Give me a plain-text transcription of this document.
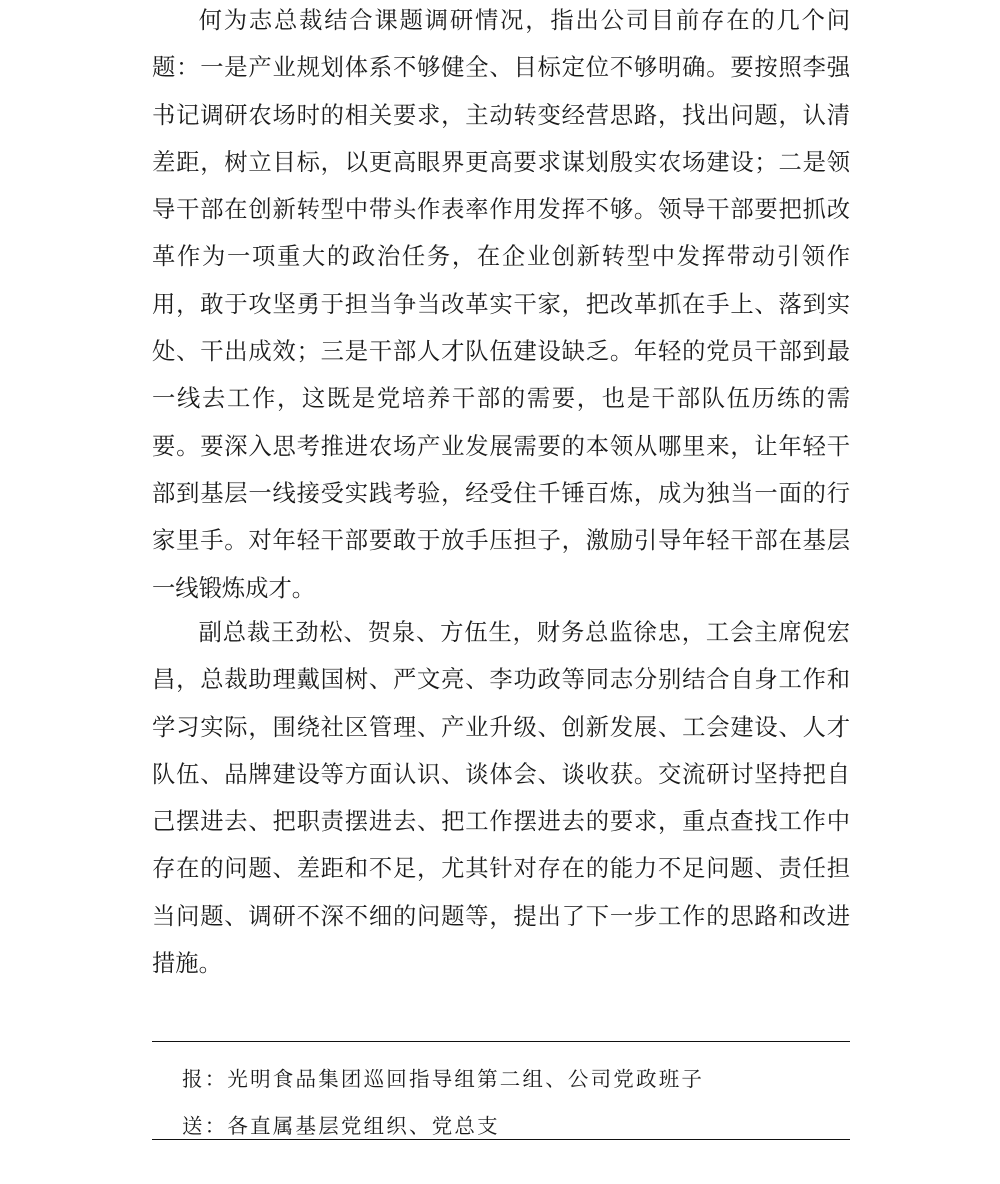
何为志总裁结合课题调研情况，指出公司目前存在的几个问题：一是产业规划体系不够健全、目标定位不够明确。要按照李强书记调研农场时的相关要求，主动转变经营思路，找出问题，认清差距，树立目标，以更高眼界更高要求谋划殷实农场建设；二是领导干部在创新转型中带头作表率作用发挥不够。领导干部要把抓改革作为一项重大的政治任务，在企业创新转型中发挥带动引领作用，敢于攻坚勇于担当争当改革实干家，把改革抓在手上、落到实处、干出成效；三是干部人才队伍建设缺乏。年轻的党员干部到最一线去工作，这既是党培养干部的需要，也是干部队伍历练的需要。要深入思考推进农场产业发展需要的本领从哪里来，让年轻干部到基层一线接受实践考验，经受住千锤百炼，成为独当一面的行家里手。对年轻干部要敢于放手压担子，激励引导年轻干部在基层一线锻炼成才。

副总裁王劲松、贺泉、方伍生，财务总监徐忠，工会主席倪宏昌，总裁助理戴国树、严文亮、李功政等同志分别结合自身工作和学习实际，围绕社区管理、产业升级、创新发展、工会建设、人才队伍、品牌建设等方面认识、谈体会、谈收获。交流研讨坚持把自己摆进去、把职责摆进去、把工作摆进去的要求，重点查找工作中存在的问题、差距和不足，尤其针对存在的能力不足问题、责任担当问题、调研不深不细的问题等，提出了下一步工作的思路和改进措施。

报：光明食品集团巡回指导组第二组、公司党政班子
送：各直属基层党组织、党总支
